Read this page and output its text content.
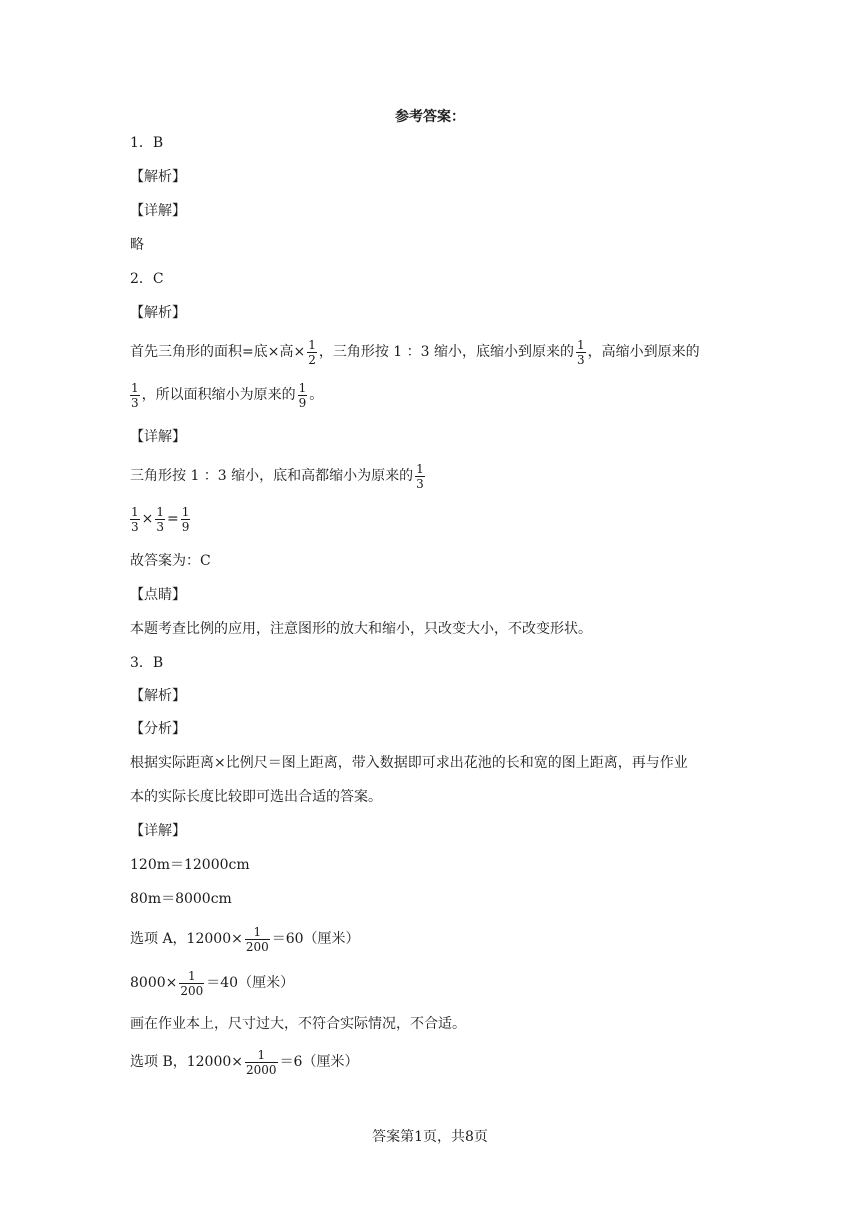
参考答案：
1．B
【解析】
【详解】
略
2．C
【解析】
首先三角形的面积=底×高× $\frac{1}{2}$ ，三角形按 1 ：3 缩小，底缩小到原来的 $\frac{1}{3}$ ，高缩小到原来的
$\frac{1}{3}$ ，所以面积缩小为原来的 $\frac{1}{9}$ 。
【详解】
三角形按 1 ：3 缩小，底和高都缩小为原来的 $\frac{1}{3}$
$\frac{1}{3} \times \frac{1}{3} = \frac{1}{9}$
故答案为：C
【点睛】
本题考查比例的应用，注意图形的放大和缩小，只改变大小，不改变形状。
3．B
【解析】
【分析】
根据实际距离×比例尺＝图上距离，带入数据即可求出花池的长和宽的图上距离，再与作业
本的实际长度比较即可选出合适的答案。
【详解】
120m＝12000cm
80m＝8000cm
选项 A，$12000\times \frac{1}{200} =60$（厘米）
$8000\times \frac{1}{200} =40$（厘米）
画在作业本上，尺寸过大，不符合实际情况，不合适。
选项 B，$12000\times \frac{1}{2000} =6$（厘米）
答案第1页，共8页
